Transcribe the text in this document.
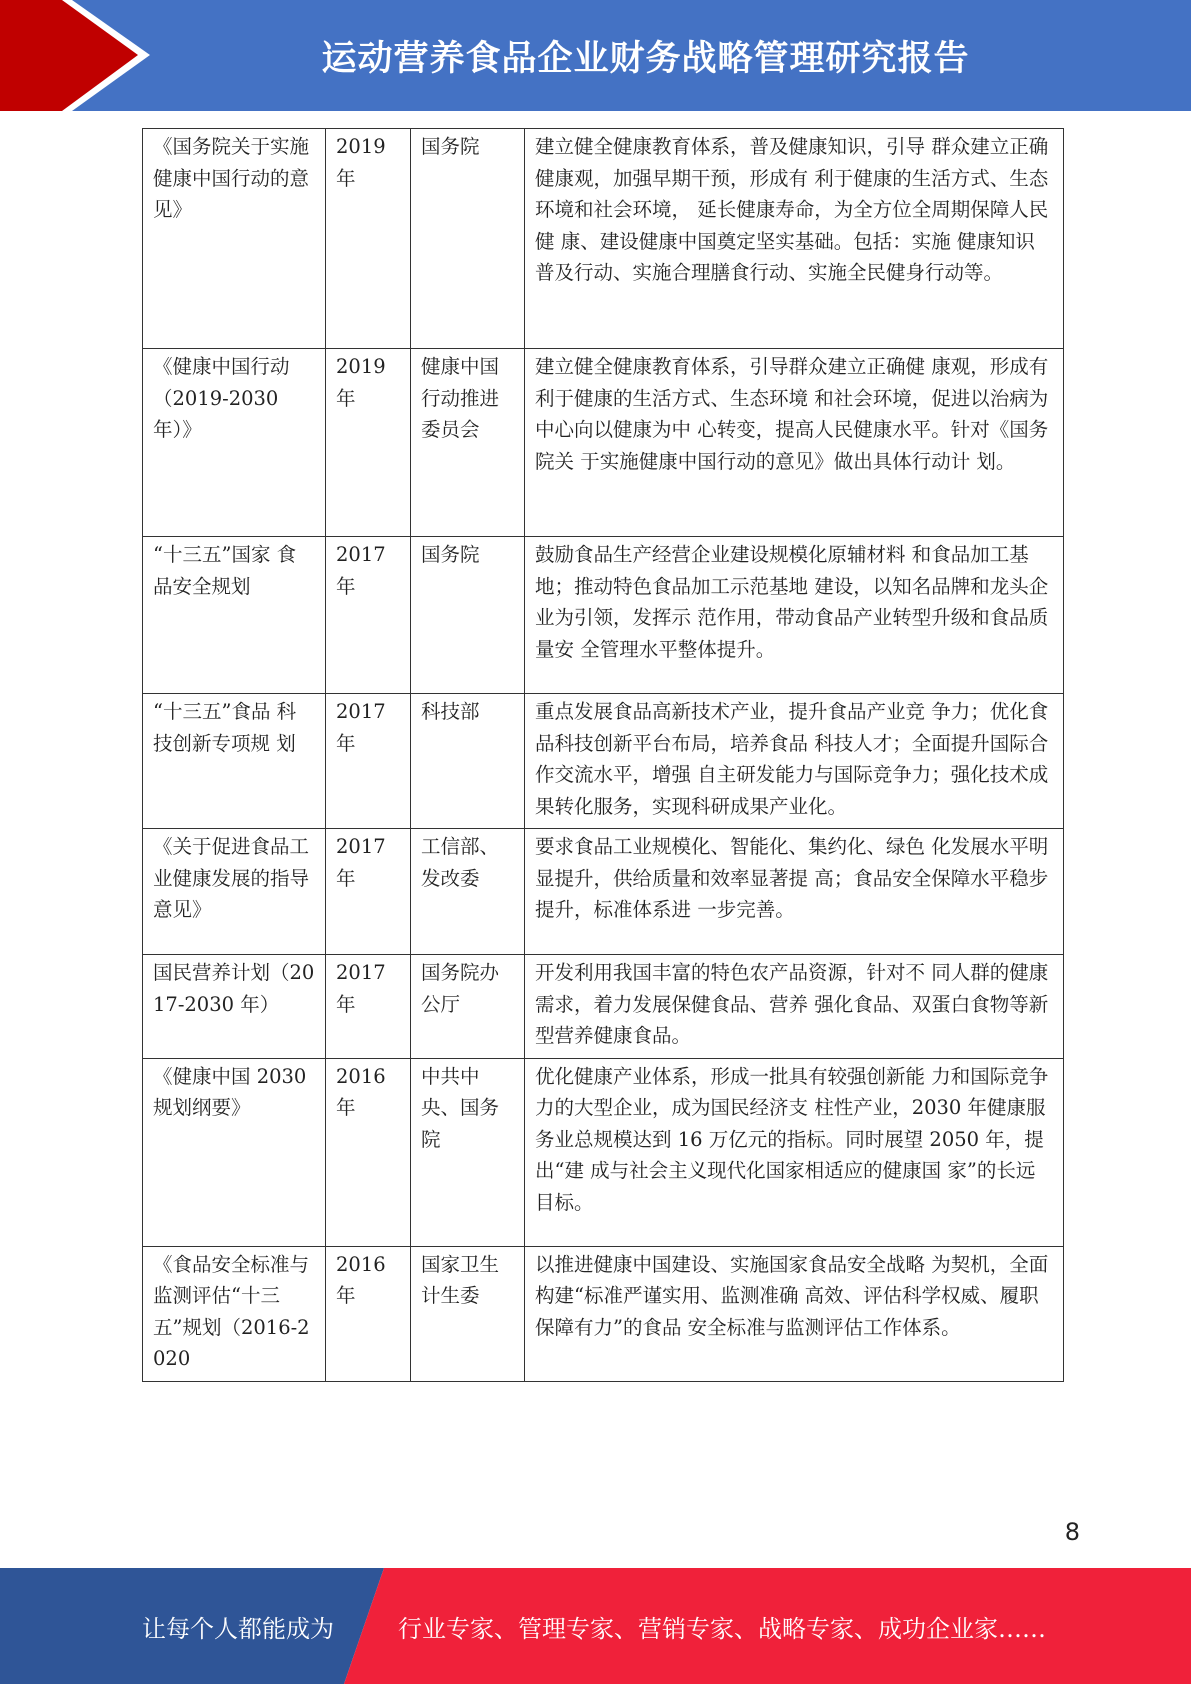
运动营养食品企业财务战略管理研究报告
《国务院关于实施健康中国行动的意见》	2019 年	国务院	建立健全健康教育体系，普及健康知识，引导 群众建立正确健康观，加强早期干预，形成有 利于健康的生活方式、生态环境和社会环境， 延长健康寿命，为全方位全周期保障人民健 康、建设健康中国奠定坚实基础。包括：实施 健康知识普及行动、实施合理膳食行动、实施全民健身行动等。
《健康中国行动（2019-2030 年）》	2019 年	健康中国行动推进委员会	建立健全健康教育体系，引导群众建立正确健 康观，形成有利于健康的生活方式、生态环境 和社会环境，促进以治病为中心向以健康为中 心转变，提高人民健康水平。针对《国务院关 于实施健康中国行动的意见》做出具体行动计 划。
“十三五”国家 食品安全规划	2017 年	国务院	鼓励食品生产经营企业建设规模化原辅材料 和食品加工基地；推动特色食品加工示范基地 建设，以知名品牌和龙头企业为引领，发挥示 范作用，带动食品产业转型升级和食品质量安 全管理水平整体提升。
“十三五”食品 科技创新专项规 划	2017 年	科技部	重点发展食品高新技术产业，提升食品产业竞 争力；优化食品科技创新平台布局，培养食品 科技人才；全面提升国际合作交流水平，增强 自主研发能力与国际竞争力；强化技术成果转化服务，实现科研成果产业化。
《关于促进食品工业健康发展的指导意见》	2017 年	工信部、发改委	要求食品工业规模化、智能化、集约化、绿色 化发展水平明显提升，供给质量和效率显著提 高；食品安全保障水平稳步提升，标准体系进 一步完善。
国民营养计划（2017-2030 年）	2017 年	国务院办公厅	开发利用我国丰富的特色农产品资源，针对不 同人群的健康需求，着力发展保健食品、营养 强化食品、双蛋白食物等新型营养健康食品。
《健康中国 2030 规划纲要》	2016 年	中共中央、国务院	优化健康产业体系，形成一批具有较强创新能 力和国际竞争力的大型企业，成为国民经济支 柱性产业，2030 年健康服务业总规模达到 16 万亿元的指标。同时展望 2050 年，提出“建 成与社会主义现代化国家相适应的健康国 家”的长远目标。
《食品安全标准与监测评估“十三五”规划（2016-2020	2016 年	国家卫生计生委	以推进健康中国建设、实施国家食品安全战略 为契机，全面构建“标准严谨实用、监测准确 高效、评估科学权威、履职保障有力”的食品 安全标准与监测评估工作体系。
8
让每个人都能成为	行业专家、管理专家、营销专家、战略专家、成功企业家……
